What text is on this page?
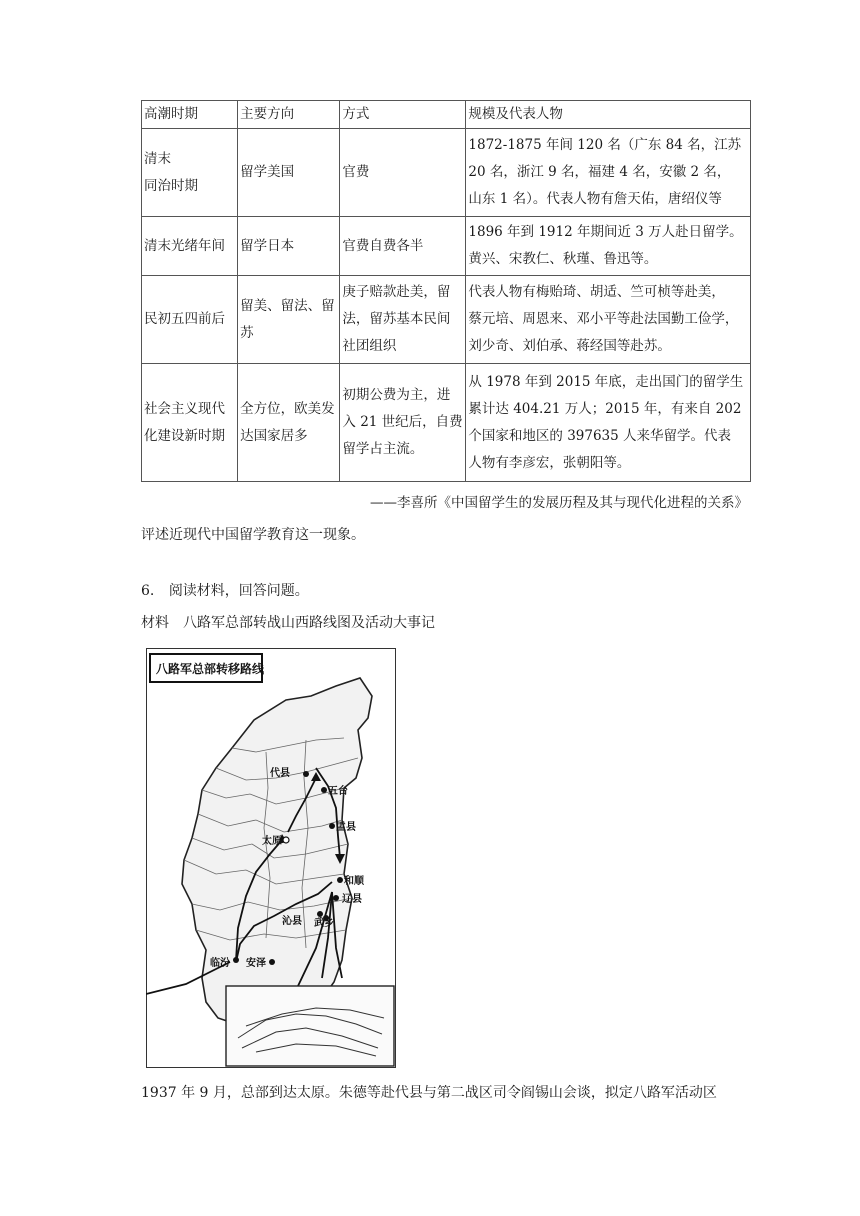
高潮时期	主要方向	方式	规模及代表人物

清末
同治时期	留学美国	官费	1872-1875 年间 120 名（广东 84 名，江苏
20 名，浙江 9 名，福建 4 名，安徽 2 名，
山东 1 名）。代表人物有詹天佑，唐绍仪等

清末光绪年间	留学日本	官费自费各半	1896 年到 1912 年期间近 3 万人赴日留学。
黄兴、宋教仁、秋瑾、鲁迅等。

民初五四前后	留美、留法、留
苏	庚子赔款赴美，留
法，留苏基本民间
社团组织	代表人物有梅贻琦、胡适、竺可桢等赴美，
蔡元培、周恩来、邓小平等赴法国勤工俭学，
刘少奇、刘伯承、蒋经国等赴苏。

社会主义现代
化建设新时期	全方位，欧美发
达国家居多	初期公费为主，进
入 21 世纪后，自费
留学占主流。	从 1978 年到 2015 年底，走出国门的留学生
累计达 404.21 万人；2015 年，有来自 202
个国家和地区的 397635 人来华留学。代表
人物有李彦宏，张朝阳等。
——李喜所《中国留学生的发展历程及其与现代化进程的关系》
评述近现代中国留学教育这一现象。
6. 阅读材料，回答问题。
材料　八路军总部转战山西路线图及活动大事记
代县
五台
盂县
太原
和顺
辽县
沁县 武乡
临汾 安泽
八路军总部转移路线
1937 年 9 月，总部到达太原。朱德等赴代县与第二战区司令阎锡山会谈，拟定八路军活动区
